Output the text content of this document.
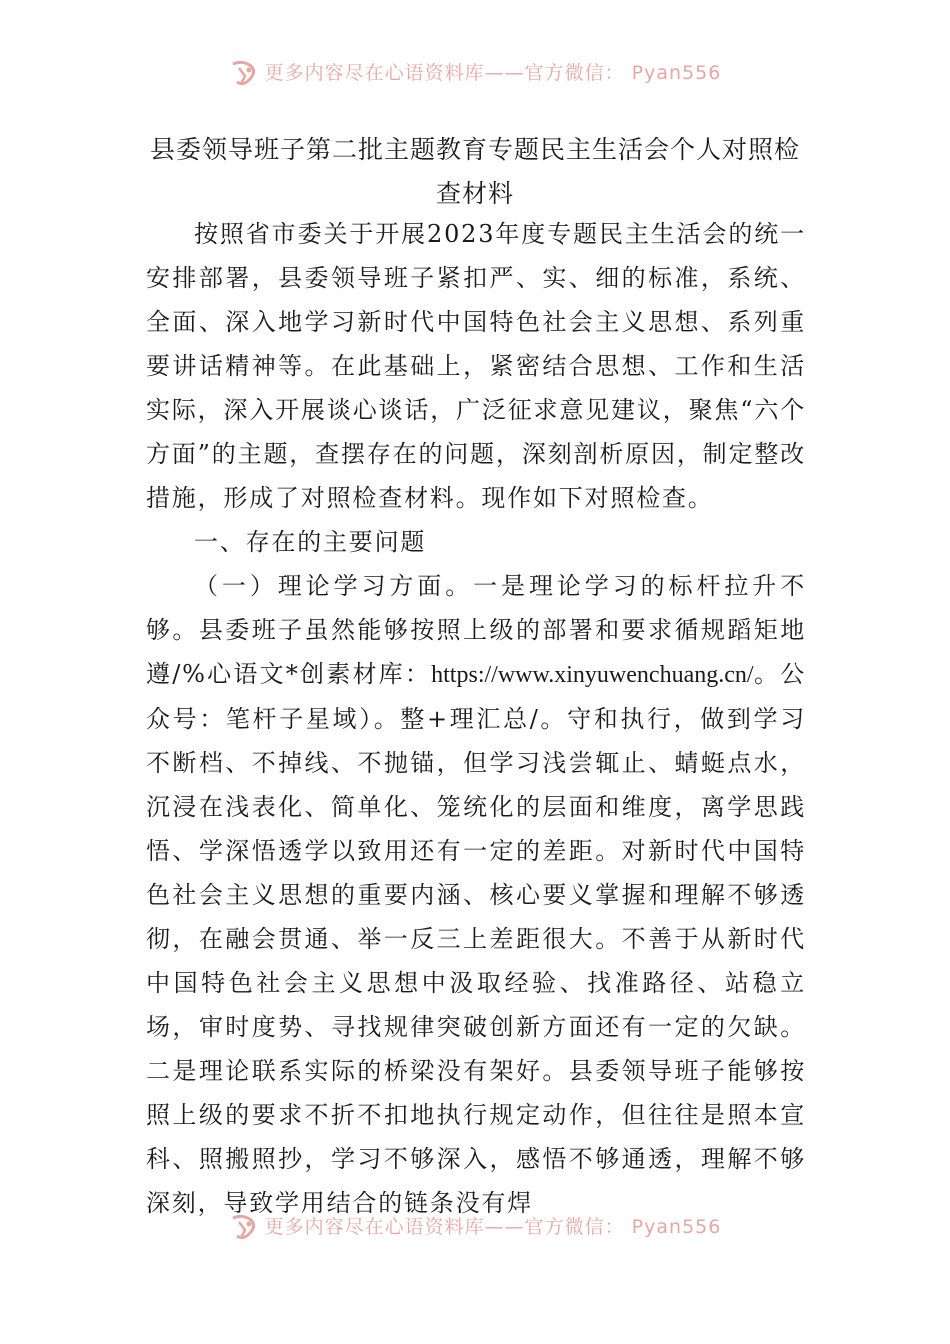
更多内容尽在心语资料库——官方微信： Pyan556
县委领导班子第二批主题教育专题民主生活会个人对照检
查材料

按照省市委关于开展2023年度专题民主生活会的统一安排部署，县委领导班子紧扣严、实、细的标准，系统、全面、深入地学习新时代中国特色社会主义思想、系列重要讲话精神等。在此基础上，紧密结合思想、工作和生活实际，深入开展谈心谈话，广泛征求意见建议，聚焦“六个方面”的主题，查摆存在的问题，深刻剖析原因，制定整改措施，形成了对照检查材料。现作如下对照检查。

一、存在的主要问题

（一）理论学习方面。一是理论学习的标杆拉升不够。县委班子虽然能够按照上级的部署和要求循规蹈矩地遵/%心语文*创素材库：https://www.xinyuwenchuang.cn/。公众号：笔杆子星域）。整+理汇总/。守和执行，做到学习不断档、不掉线、不抛锚，但学习浅尝辄止、蜻蜓点水，沉浸在浅表化、简单化、笼统化的层面和维度，离学思践悟、学深悟透学以致用还有一定的差距。对新时代中国特色社会主义思想的重要内涵、核心要义掌握和理解不够透彻，在融会贯通、举一反三上差距很大。不善于从新时代中国特色社会主义思想中汲取经验、找准路径、站稳立场，审时度势、寻找规律突破创新方面还有一定的欠缺。二是理论联系实际的桥梁没有架好。县委领导班子能够按照上级的要求不折不扣地执行规定动作，但往往是照本宣科、照搬照抄，学习不够深入，感悟不够通透，理解不够深刻，导致学用结合的链条没有焊

更多内容尽在心语资料库——官方微信： Pyan556
